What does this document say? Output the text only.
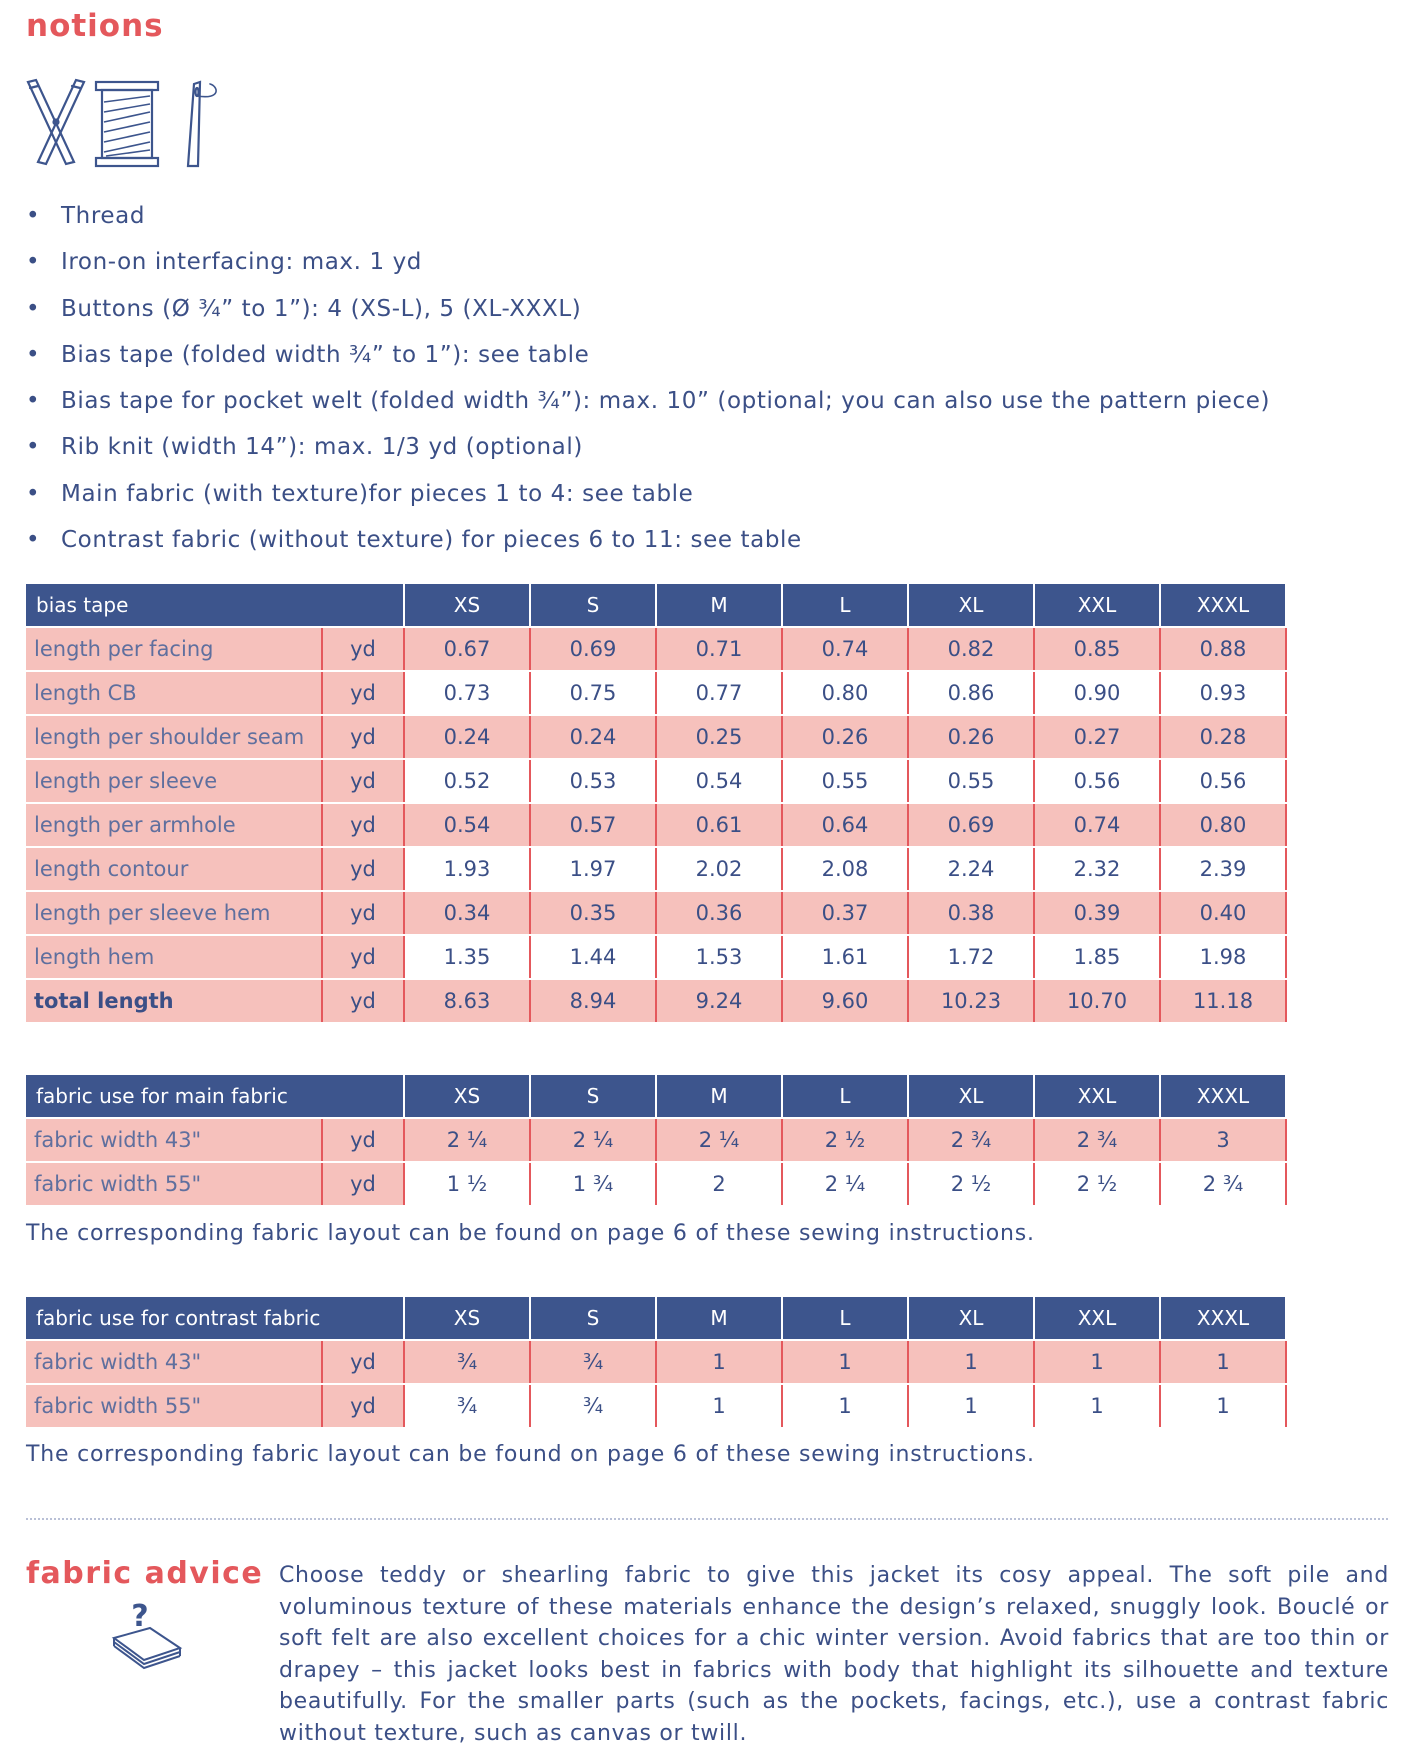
notions
• Thread
• Iron-on interfacing: max. 1 yd
• Buttons (Ø ¾” to 1”): 4 (XS-L), 5 (XL-XXXL)
• Bias tape (folded width ¾” to 1”): see table
• Bias tape for pocket welt (folded width ¾”): max. 10” (optional; you can also use the pattern piece)
• Rib knit (width 14”): max. 1/3 yd (optional)
• Main fabric (with texture)for pieces 1 to 4: see table
• Contrast fabric (without texture) for pieces 6 to 11: see table
bias tape		XS	S	M	L	XL	XXL	XXXL
length per facing	yd	0.67	0.69	0.71	0.74	0.82	0.85	0.88
length CB	yd	0.73	0.75	0.77	0.80	0.86	0.90	0.93
length per shoulder seam	yd	0.24	0.24	0.25	0.26	0.26	0.27	0.28
length per sleeve	yd	0.52	0.53	0.54	0.55	0.55	0.56	0.56
length per armhole	yd	0.54	0.57	0.61	0.64	0.69	0.74	0.80
length contour	yd	1.93	1.97	2.02	2.08	2.24	2.32	2.39
length per sleeve hem	yd	0.34	0.35	0.36	0.37	0.38	0.39	0.40
length hem	yd	1.35	1.44	1.53	1.61	1.72	1.85	1.98
total length	yd	8.63	8.94	9.24	9.60	10.23	10.70	11.18
fabric use for main fabric		XS	S	M	L	XL	XXL	XXXL
fabric width 43"	yd	2 ¼	2 ¼	2 ¼	2 ½	2 ¾	2 ¾	3
fabric width 55"	yd	1 ½	1 ¾	2	2 ¼	2 ½	2 ½	2 ¾

The corresponding fabric layout can be found on page 6 of these sewing instructions.

fabric use for contrast fabric		XS	S	M	L	XL	XXL	XXXL
fabric width 43"	yd	¾	¾	1	1	1	1	1
fabric width 55"	yd	¾	¾	1	1	1	1	1

The corresponding fabric layout can be found on page 6 of these sewing instructions.

fabric advice
?

Choose teddy or shearling fabric to give this jacket its cosy appeal. The soft pile and voluminous texture of these materials enhance the design’s relaxed, snuggly look. Bouclé or soft felt are also excellent choices for a chic winter version. Avoid fabrics that are too thin or drapey – this jacket looks best in fabrics with body that highlight its silhouette and texture beautifully. For the smaller parts (such as the pockets, facings, etc.), use a contrast fabric without texture, such as canvas or twill.
